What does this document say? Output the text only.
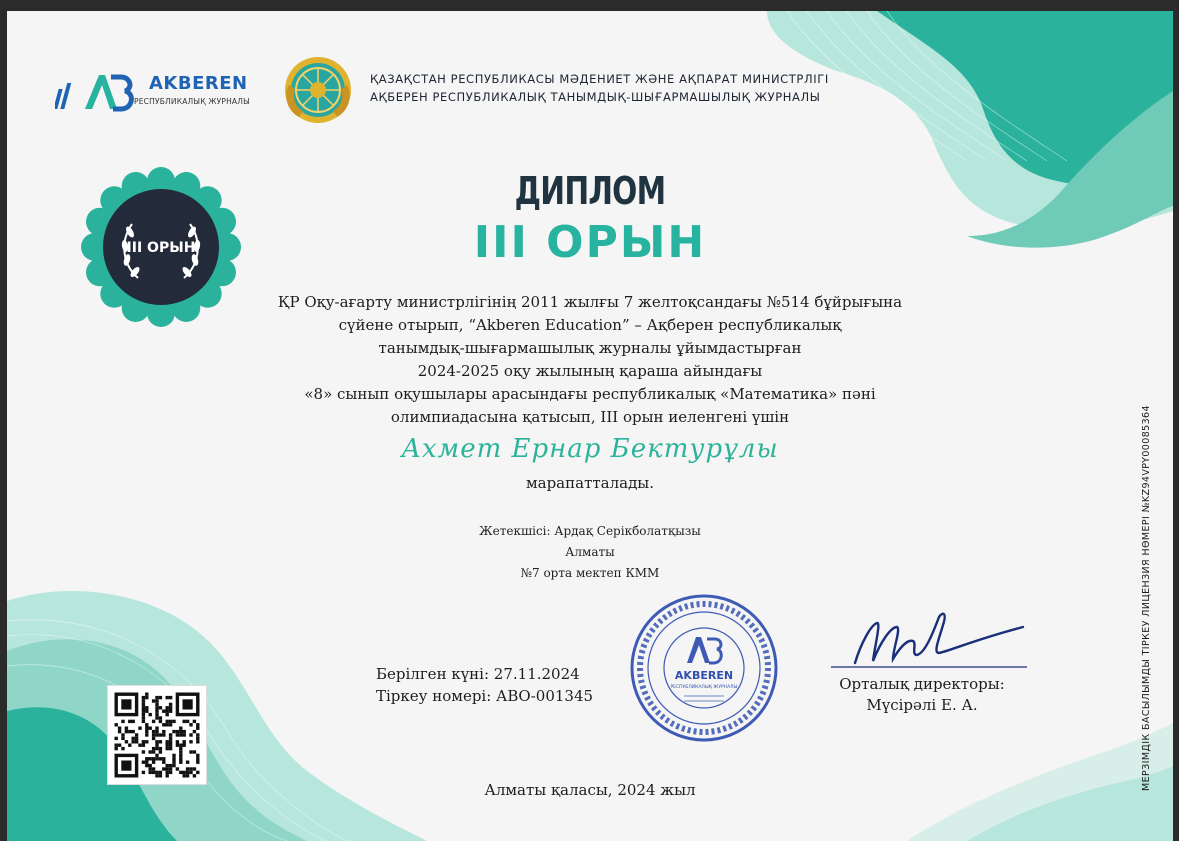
AKBEREN
РЕСПУБЛИКАЛЫҚ ЖУРНАЛЫ
ҚАЗАҚСТАН РЕСПУБЛИКАСЫ МӘДЕНИЕТ ЖӘНЕ АҚПАРАТ МИНИСТРЛІГІ
АҚБЕРЕН РЕСПУБЛИКАЛЫҚ ТАНЫМДЫҚ-ШЫҒАРМАШЫЛЫҚ ЖУРНАЛЫ
III ОРЫН
ДИПЛОМ
III ОРЫН
ҚР Оқу-ағарту министрлігінің 2011 жылғы 7 желтоқсандағы №514 бұйрығына
сүйене отырып, “Akberen Education” – Ақберен республикалық
танымдық-шығармашылық журналы ұйымдастырған
2024-2025 оқу жылының қараша айындағы
«8» сынып оқушылары арасындағы республикалық «Математика» пәні
олимпиадасына қатысып, III орын иеленгені үшін
Ахмет Ернар Бектурұлы
марапатталады.
Жетекшісі: Ардақ Серікболатқызы
Алматы
№7 орта мектеп КММ
Берілген күні: 27.11.2024
Тіркеу номері: АВО-001345
AKBEREN
РЕСПУБЛИКАЛЫҚ ЖУРНАЛЫ	Орталық директоры:
Мүсірәлі Е. А.
Алматы қаласы, 2024 жыл	МЕРЗІМДІК БАСЫЛЫМДЫ ТІРКЕУ ЛИЦЕНЗИЯ НӨМЕРІ №KZ94VPY00085364
